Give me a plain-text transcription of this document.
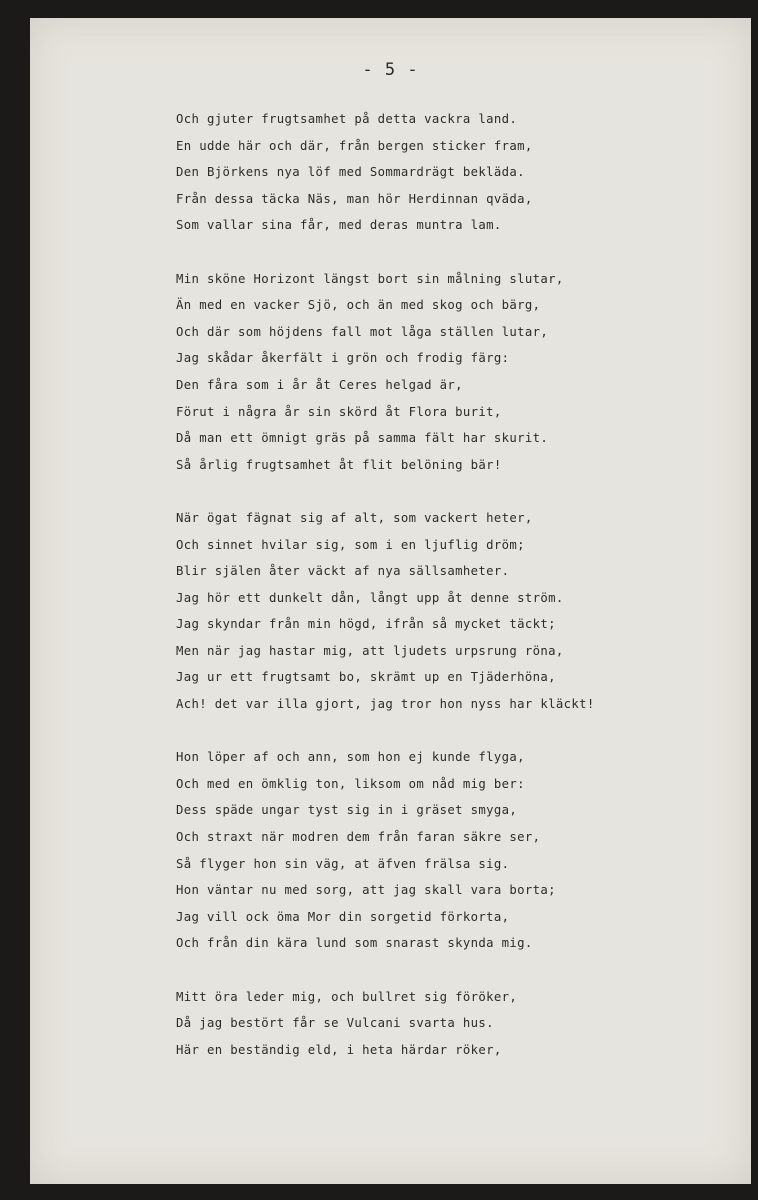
- 5 -
Och gjuter frugtsamhet på detta vackra land.
En udde här och där, från bergen sticker fram,
Den Björkens nya löf med Sommardrägt bekläda.
Från dessa täcka Näs, man hör Herdinnan qväda,
Som vallar sina får, med deras muntra lam.
Min sköne Horizont längst bort sin målning slutar,
Än med en vacker Sjö, och än med skog och bärg,
Och där som höjdens fall mot låga ställen lutar,
Jag skådar åkerfält i grön och frodig färg:
Den fåra som i år åt Ceres helgad är,
Förut i några år sin skörd åt Flora burit,
Då man ett ömnigt gräs på samma fält har skurit.
Så årlig frugtsamhet åt flit belöning bär!
När ögat fägnat sig af alt, som vackert heter,
Och sinnet hvilar sig, som i en ljuflig dröm;
Blir själen åter väckt af nya sällsamheter.
Jag hör ett dunkelt dån, långt upp åt denne ström.
Jag skyndar från min högd, ifrån så mycket täckt;
Men när jag hastar mig, att ljudets urpsrung röna,
Jag ur ett frugtsamt bo, skrämt up en Tjäderhöna,
Ach! det var illa gjort, jag tror hon nyss har kläckt!
Hon löper af och ann, som hon ej kunde flyga,
Och med en ömklig ton, liksom om nåd mig ber:
Dess späde ungar tyst sig in i gräset smyga,
Och straxt när modren dem från faran säkre ser,
Så flyger hon sin väg, at äfven frälsa sig.
Hon väntar nu med sorg, att jag skall vara borta;
Jag vill ock öma Mor din sorgetid förkorta,
Och från din kära lund som snarast skynda mig.
Mitt öra leder mig, och bullret sig föröker,
Då jag bestört får se Vulcani svarta hus.
Här en beständig eld, i heta härdar röker,
